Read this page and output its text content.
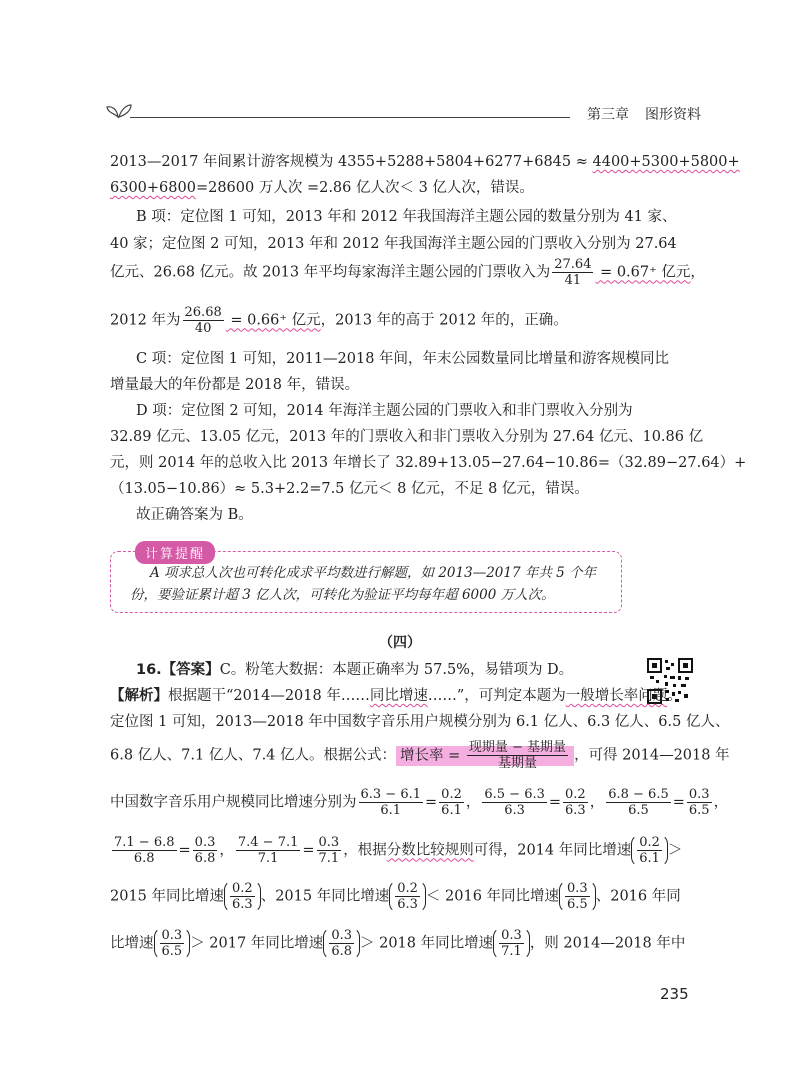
第三章 图形资料
2013—2017 年间累计游客规模为 4355+5288+5804+6277+6845 ≈ 4400+5300+5800+
6300+6800=28600 万人次 =2.86 亿人次＜ 3 亿人次，错误。
B 项：定位图 1 可知，2013 年和 2012 年我国海洋主题公园的数量分别为 41 家、
40 家；定位图 2 可知，2013 年和 2012 年我国海洋主题公园的门票收入分别为 27.64
亿元、26.68 亿元。故 2013 年平均每家海洋主题公园的门票收入为 $\frac{27.64}{41} = 0.67^+$ 亿元，
2012 年为 $\frac{26.68}{40} = 0.66^+$ 亿元，2013 年的高于 2012 年的，正确。
C 项：定位图 1 可知，2011—2018 年间，年末公园数量同比增量和游客规模同比
增量最大的年份都是 2018 年，错误。
D 项：定位图 2 可知，2014 年海洋主题公园的门票收入和非门票收入分别为
32.89 亿元、13.05 亿元，2013 年的门票收入和非门票收入分别为 27.64 亿元、10.86 亿
元，则 2014 年的总收入比 2013 年增长了 32.89+13.05−27.64−10.86=（32.89−27.64）+
（13.05−10.86）≈ 5.3+2.2=7.5 亿元＜ 8 亿元，不足 8 亿元，错误。
故正确答案为 B。
计算提醒
A 项求总人次也可转化成求平均数进行解题，如 2013—2017 年共 5 个年
份，要验证累计超 3 亿人次，可转化为验证平均每年超 6000 万人次。
（四）
16.【答案】C。粉笔大数据：本题正确率为 57.5%，易错项为 D。
【解析】根据题干“2014—2018 年……同比增速……”，可判定本题为一般增长率问题。
定位图 1 可知，2013—2018 年中国数字音乐用户规模分别为 6.1 亿人、6.3 亿人、6.5 亿人、
6.8 亿人、7.1 亿人、7.4 亿人。根据公式： 增长率 = $\frac{\text{现期量 − 基期量}}{\text{基期量}}$ ，可得 2014—2018 年
中国数字音乐用户规模同比增速分别为 $\frac{6.3 - 6.1}{6.1} = \frac{0.2}{6.1}$ ， $\frac{6.5 - 6.3}{6.3} = \frac{0.2}{6.3}$ ， $\frac{6.8 - 6.5}{6.5} = \frac{0.3}{6.5}$ ，
$\frac{7.1 - 6.8}{6.8} = \frac{0.3}{6.8}$ ， $\frac{7.4 - 7.1}{7.1} = \frac{0.3}{7.1}$ ，根据分数比较规则可得，2014 年同比增速 $\frac{0.2}{6.1}$ ＞
2015 年同比增速 $\frac{0.2}{6.3}$ 、2015 年同比增速 $\frac{0.2}{6.3} < 2016$ 年同比增速 $\frac{0.3}{6.5}$ 、2016 年同
比增速 $\frac{0.3}{6.5} > 2017$ 年同比增速 $\frac{0.3}{6.8} > 2018$ 年同比增速 $\frac{0.3}{7.1}$ ，则 2014—2018 年中
235
